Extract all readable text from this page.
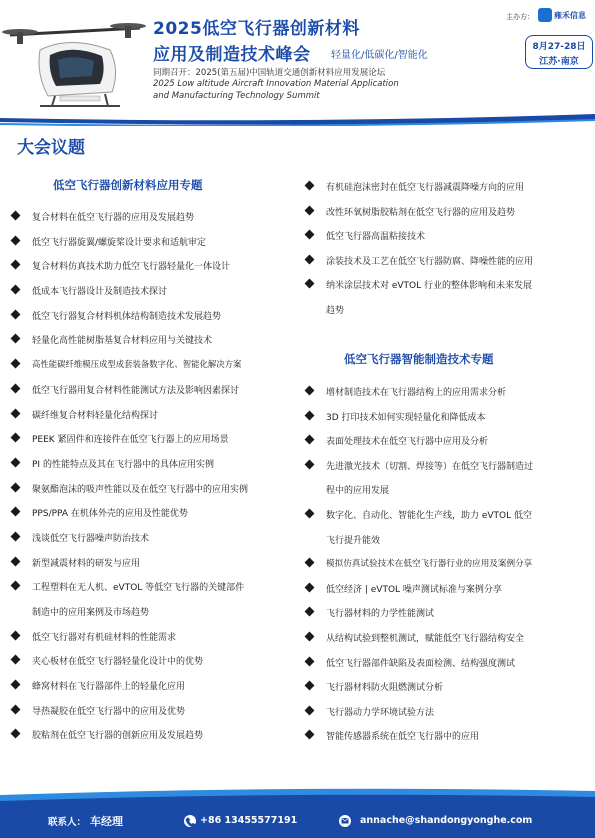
2025低空飞行器创新材料
应用及制造技术峰会 轻量化/低碳化/智能化
同期召开：2025(第五届)中国轨道交通创新材料应用发展论坛
2025 Low altitude Aircraft Innovation Material Application
and Manufacturing Technology Summit
主办方：	雍禾信息
8月27-28日
江苏·南京
大会议题
低空飞行器创新材料应用专题
复合材料在低空飞行器的应用及发展趋势
低空飞行器旋翼/螺旋桨设计要求和适航审定
复合材料仿真技术助力低空飞行器轻量化一体设计
低成本飞行器设计及制造技术探讨
低空飞行器复合材料机体结构制造技术发展趋势
轻量化高性能树脂基复合材料应用与关键技术
高性能碳纤维模压成型成套装备数字化、智能化解决方案
低空飞行器用复合材料性能测试方法及影响因素探讨
碳纤维复合材料轻量化结构探讨
PEEK 紧固件和连接件在低空飞行器上的应用场景
PI 的性能特点及其在飞行器中的具体应用实例
聚氨酯泡沫的吸声性能以及在低空飞行器中的应用实例
PPS/PPA 在机体外壳的应用及性能优势
浅谈低空飞行器噪声防治技术
新型减震材料的研发与应用
工程塑料在无人机、eVTOL 等低空飞行器的关键部件
制造中的应用案例及市场趋势
低空飞行器对有机硅材料的性能需求
夹心板材在低空飞行器轻量化设计中的优势
蜂窝材料在飞行器部件上的轻量化应用
导热凝胶在低空飞行器中的应用及优势
胶粘剂在低空飞行器的创新应用及发展趋势
有机硅泡沫密封在低空飞行器减震降噪方向的应用
改性环氧树脂胶粘剂在低空飞行器的应用及趋势
低空飞行器高温粘接技术
涂装技术及工艺在低空飞行器防腐、降噪性能的应用
纳米涂层技术对 eVTOL 行业的整体影响和未来发展
趋势
低空飞行器智能制造技术专题
增材制造技术在飞行器结构上的应用需求分析
3D 打印技术如何实现轻量化和降低成本
表面处理技术在低空飞行器中应用及分析
先进激光技术（切割、焊接等）在低空飞行器制造过
程中的应用发展
数字化、自动化、智能化生产线，助力 eVTOL 低空
飞行提升能效
模拟仿真试验技术在低空飞行器行业的应用及案例分享
低空经济 | eVTOL 噪声测试标准与案例分享
飞行器材料的力学性能测试
从结构试验到整机测试，赋能低空飞行器结构安全
低空飞行器部件缺陷及表面检测、结构强度测试
飞行器材料防火阻燃测试分析
飞行器动力学环境试验方法
智能传感器系统在低空飞行器中的应用
联系人： 车经理	+86 13455577191	annache@shandongyonghe.com
